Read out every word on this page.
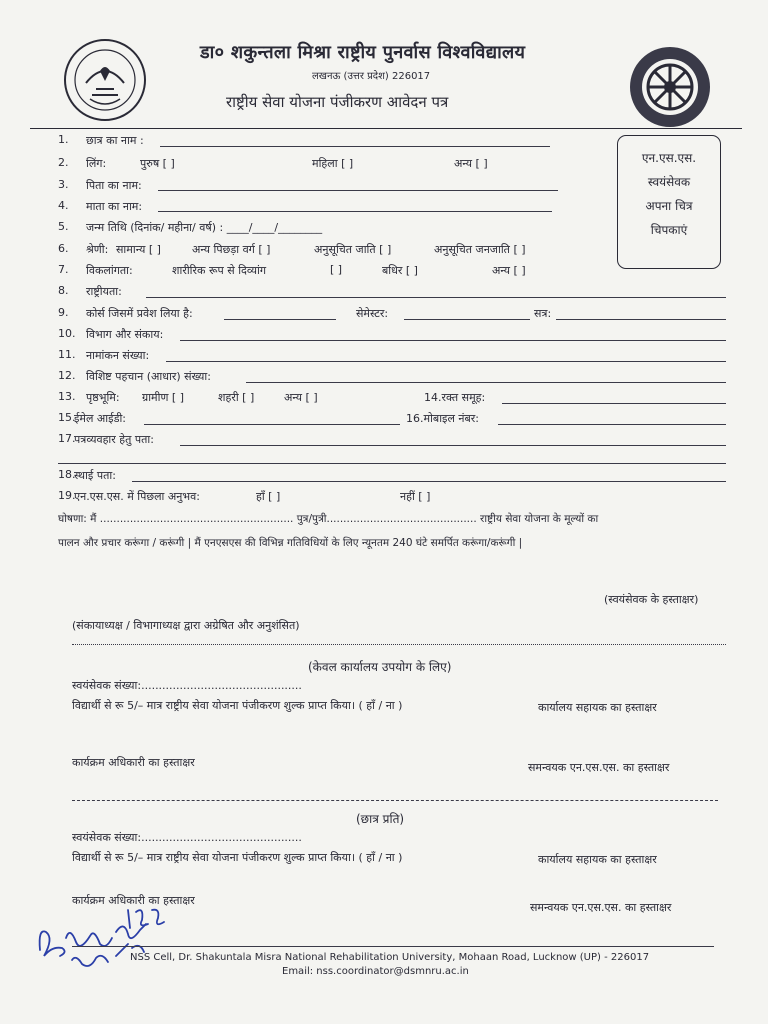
डा० शकुन्तला मिश्रा राष्ट्रीय पुनर्वास विश्वविद्यालय
लखनऊ (उत्तर प्रदेश) 226017
राष्ट्रीय सेवा योजना पंजीकरण आवेदन पत्र
एन.एस.एस.
स्वयंसेवक
अपना चित्र
चिपकाएं
1. छात्र का नाम :
2. लिंग:	पुरुष [ ]	महिला [ ]	अन्य [ ]
3. पिता का नाम:
4. माता का नाम:
5. जन्म तिथि (दिनांक/ महीना/ वर्ष) : ____/____/________
6. श्रेणी: सामान्य [ ]	अन्य पिछड़ा वर्ग [ ]	अनुसूचित जाति [ ]	अनुसूचित जनजाति [ ]
7. विकलांगता:	शारीरिक रूप से दिव्यांग	[ ]	बधिर [ ]	अन्य [ ]
8. राष्ट्रीयता:
9. कोर्स जिसमें प्रवेश लिया है:	सेमेस्टर:	सत्र:
10. विभाग और संकाय:
11. नामांकन संख्या:
12. विशिष्ट पहचान (आधार) संख्या:
13. पृष्ठभूमि: ग्रामीण [ ]	शहरी [ ]	अन्य [ ]	14.रक्त समूह:
15.
ईमेल आईडी:	16.मोबाइल नंबर:
17.
पत्रव्यवहार हेतु पता:
18.
स्थाई पता:
19.
एन.एस.एस. में पिछला अनुभव:	हाँ [ ]	नहीं [ ]
घोषणा: मैं .......................................................... पुत्र/पुत्री............................................. राष्ट्रीय सेवा योजना के मूल्यों का
पालन और प्रचार करूंगा / करूंगी | मैं एनएसएस की विभिन्न गतिविधियों के लिए न्यूनतम 240 घंटे समर्पित करूंगा/करूंगी |
(स्वयंसेवक के हस्ताक्षर)
(संकायाध्यक्ष / विभागाध्यक्ष द्वारा अग्रेषित और अनुशंसित)
(केवल कार्यालय उपयोग के लिए)
स्वयंसेवक संख्या:..............................................
विद्यार्थी से रू 5/– मात्र राष्ट्रीय सेवा योजना पंजीकरण शुल्क प्राप्त किया। ( हाँ / ना )	कार्यालय सहायक का हस्ताक्षर
कार्यक्रम अधिकारी का हस्ताक्षर	समन्वयक एन.एस.एस. का हस्ताक्षर
(छात्र प्रति)
स्वयंसेवक संख्या:..............................................
विद्यार्थी से रू 5/– मात्र राष्ट्रीय सेवा योजना पंजीकरण शुल्क प्राप्त किया। ( हाँ / ना )	कार्यालय सहायक का हस्ताक्षर
कार्यक्रम अधिकारी का हस्ताक्षर
समन्वयक एन.एस.एस. का हस्ताक्षर
NSS Cell, Dr. Shakuntala Misra National Rehabilitation University, Mohaan Road, Lucknow (UP) - 226017
Email: nss.coordinator@dsmnru.ac.in
